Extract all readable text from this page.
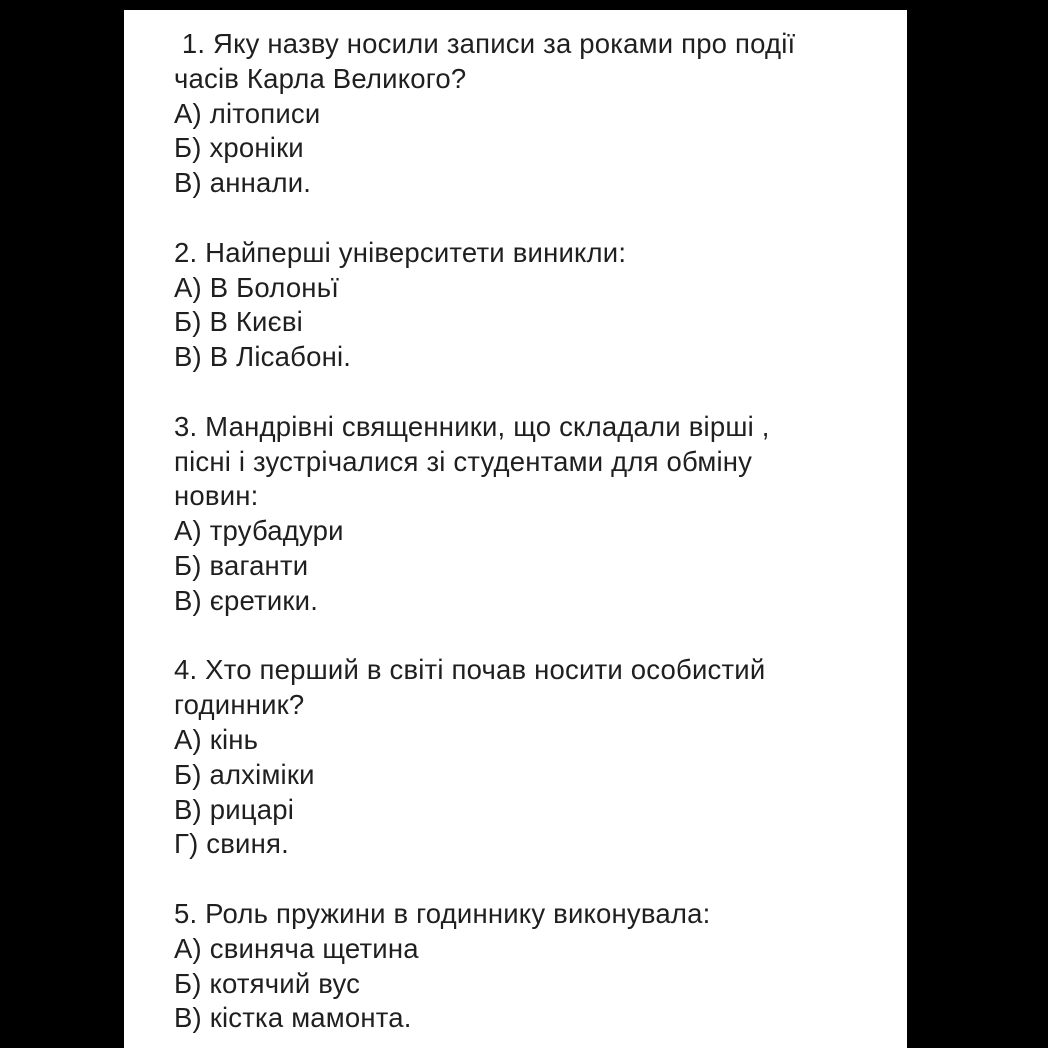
1. Яку назву носили записи за роками про події
часів Карла Великого?
А) літописи
Б) хроніки
В) аннали.
2. Найперші університети виникли:
А) В Болоньї
Б) В Києві
В) В Лісабоні.
3. Мандрівні священники, що складали вірші ,
пісні і зустрічалися зі студентами для обміну
новин:
А) трубадури
Б) ваганти
В) єретики.
4. Хто перший в світі почав носити особистий
годинник?
А) кінь
Б) алхіміки
В) рицарі
Г) свиня.
5. Роль пружини в годиннику виконувала:
А) свиняча щетина
Б) котячий вус
В) кістка мамонта.
